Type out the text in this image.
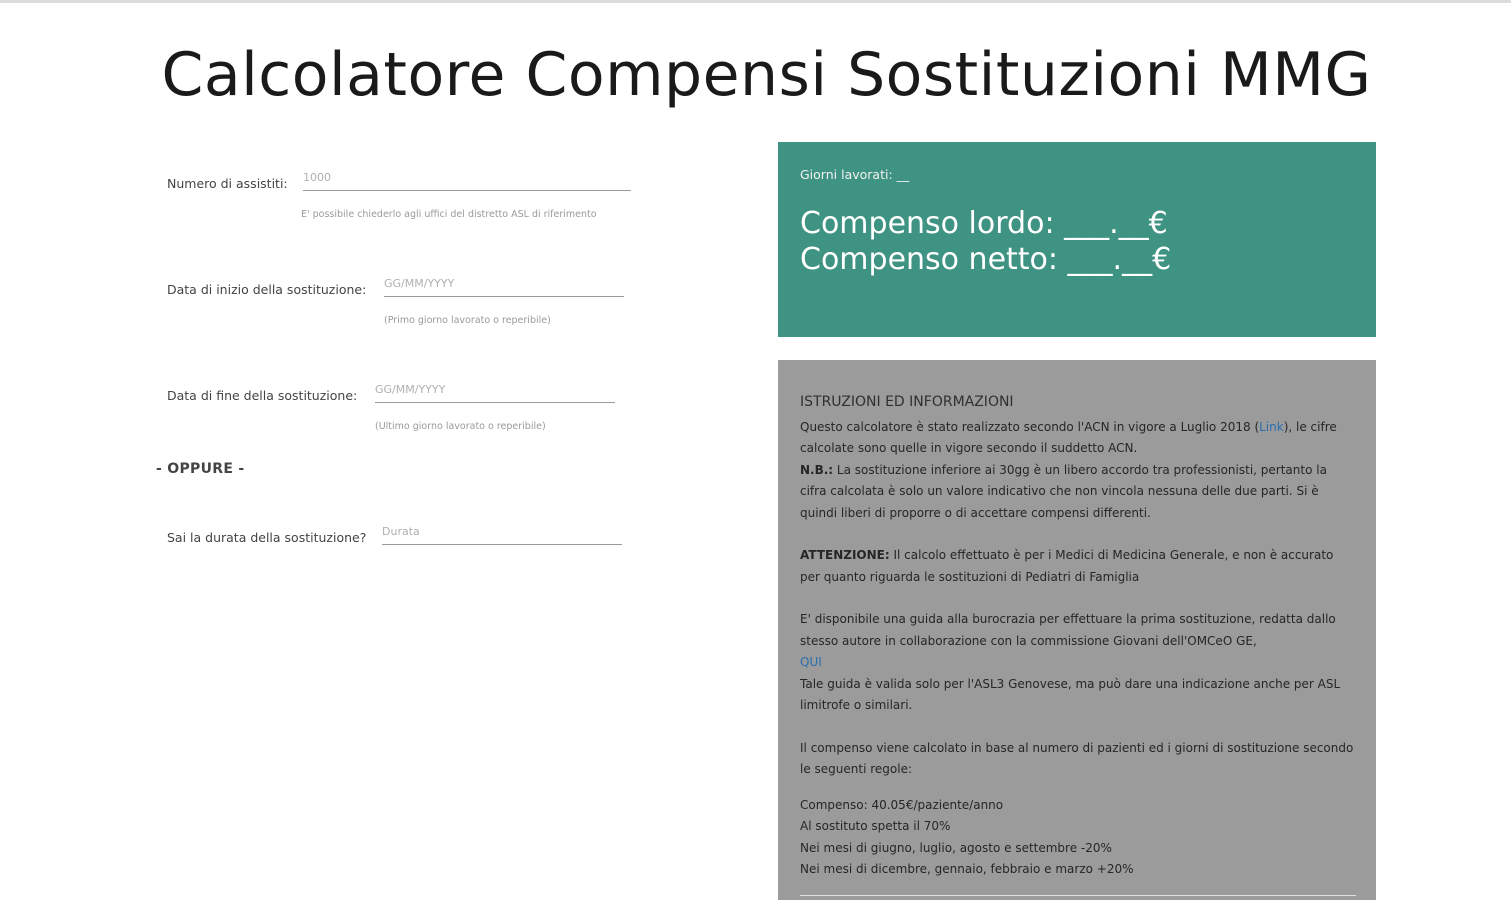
Calcolatore Compensi Sostituzioni MMG
Numero di assistiti:
1000
E' possibile chiederlo agli uffici del distretto ASL di riferimento
Data di inizio della sostituzione:
GG/MM/YYYY
(Primo giorno lavorato o reperibile)
Data di fine della sostituzione:
GG/MM/YYYY
(Ultimo giorno lavorato o reperibile)
- OPPURE -
Sai la durata della sostituzione?
Durata
Giorni lavorati: __
Compenso lordo: ___.__€
Compenso netto: ___.__€
ISTRUZIONI ED INFORMAZIONI

Questo calcolatore è stato realizzato secondo l'ACN in vigore a Luglio 2018 (Link), le cifre calcolate sono quelle in vigore secondo il suddetto ACN.

N.B.: La sostituzione inferiore ai 30gg è un libero accordo tra professionisti, pertanto la cifra calcolata è solo un valore indicativo che non vincola nessuna delle due parti. Si è quindi liberi di proporre o di accettare compensi differenti.

ATTENZIONE: Il calcolo effettuato è per i Medici di Medicina Generale, e non è accurato per quanto riguarda le sostituzioni di Pediatri di Famiglia

E' disponibile una guida alla burocrazia per effettuare la prima sostituzione, redatta dallo stesso autore in collaborazione con la commissione Giovani dell'OMCeO GE,
QUI

Tale guida è valida solo per l'ASL3 Genovese, ma può dare una indicazione anche per ASL limitrofe o similari.

Il compenso viene calcolato in base al numero di pazienti ed i giorni di sostituzione secondo le seguenti regole:

Compenso: 40.05€/paziente/anno

Al sostituto spetta il 70%

Nei mesi di giugno, luglio, agosto e settembre -20%

Nei mesi di dicembre, gennaio, febbraio e marzo +20%
